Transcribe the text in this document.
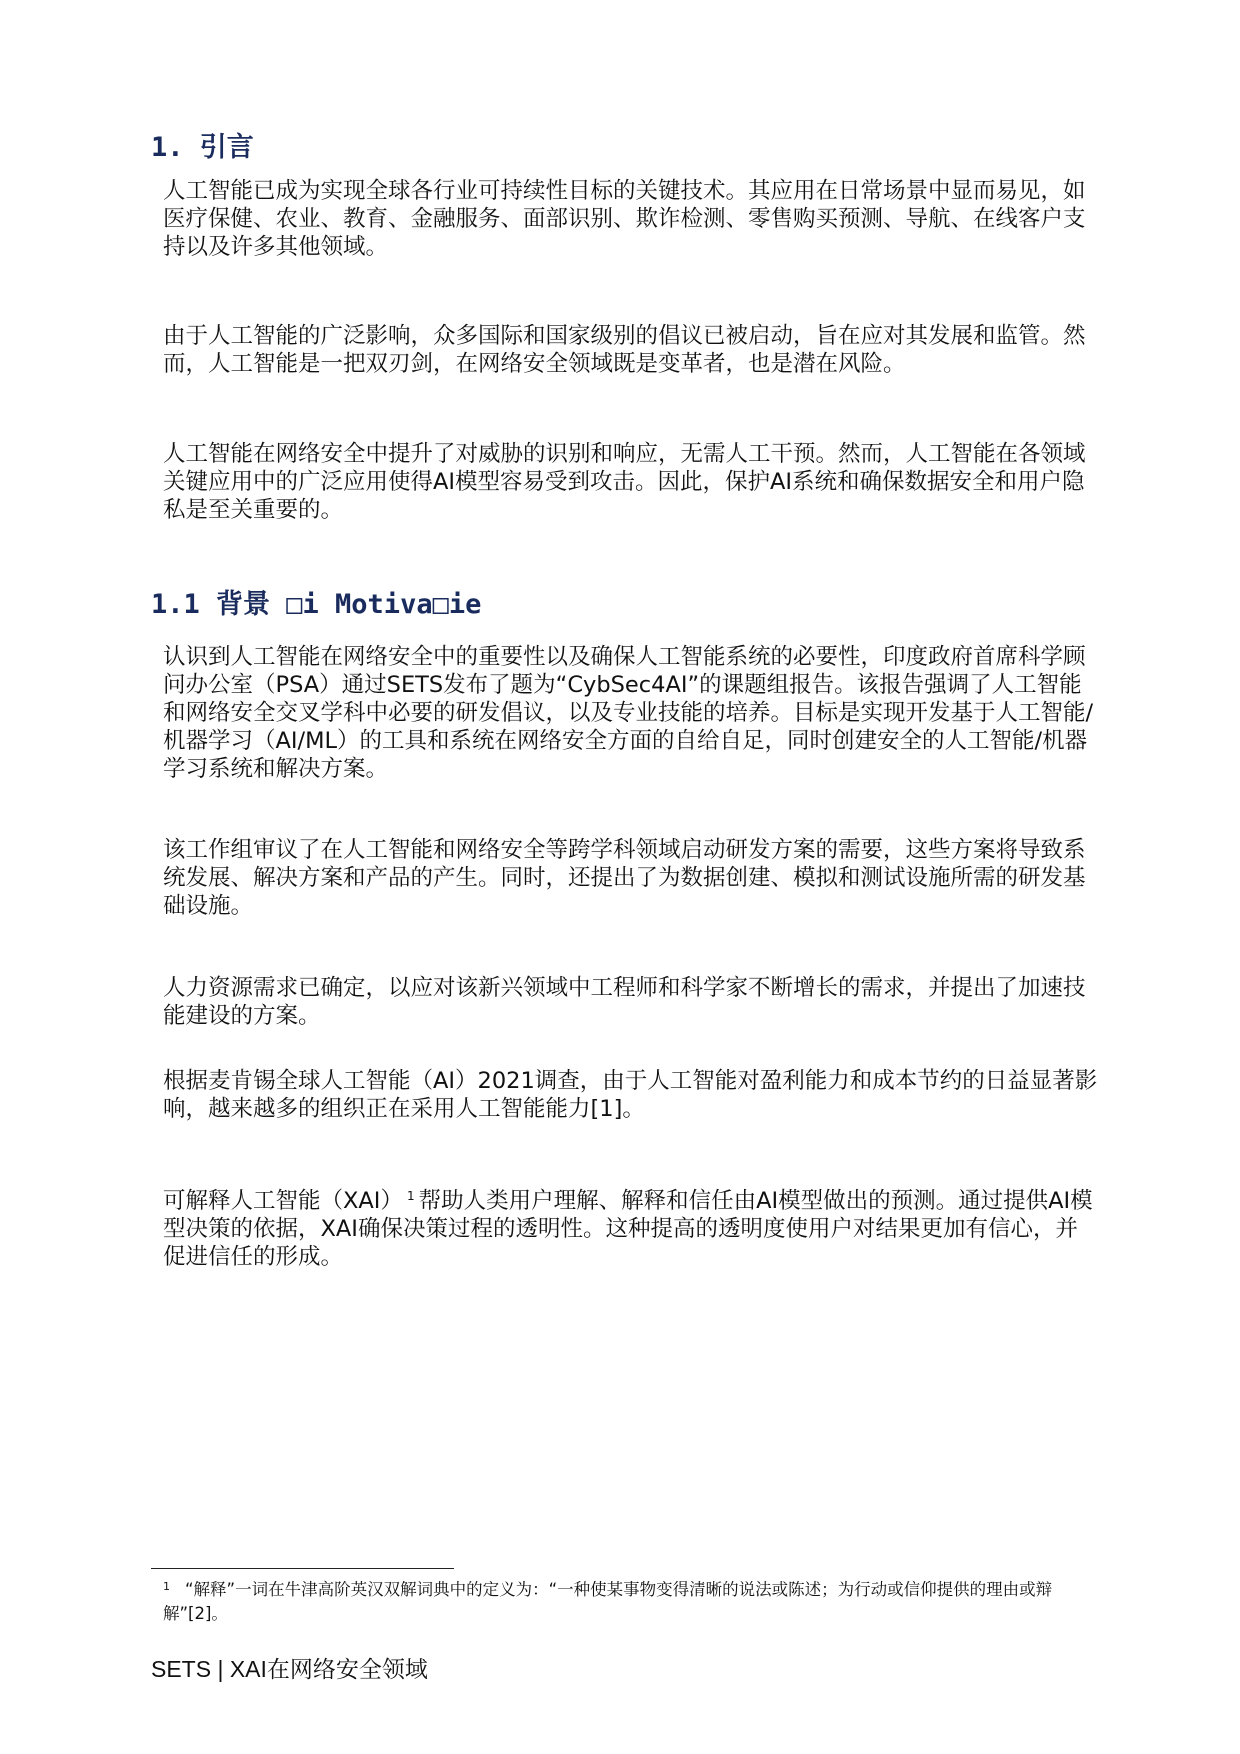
1. 引言

人工智能已成为实现全球各行业可持续性目标的关键技术。其应用在日常场景中显而易见，如医疗保健、农业、教育、金融服务、面部识别、欺诈检测、零售购买预测、导航、在线客户支持以及许多其他领域。

由于人工智能的广泛影响，众多国际和国家级别的倡议已被启动，旨在应对其发展和监管。然而，人工智能是一把双刃剑，在网络安全领域既是变革者，也是潜在风险。

人工智能在网络安全中提升了对威胁的识别和响应，无需人工干预。然而，人工智能在各领域关键应用中的广泛应用使得AI模型容易受到攻击。因此，保护AI系统和确保数据安全和用户隐私是至关重要的。

1.1 背景 □i Motiva□ie

认识到人工智能在网络安全中的重要性以及确保人工智能系统的必要性，印度政府首席科学顾问办公室（PSA）通过SETS发布了题为“CybSec4AI”的课题组报告。该报告强调了人工智能和网络安全交叉学科中必要的研发倡议，以及专业技能的培养。目标是实现开发基于人工智能/机器学习（AI/ML）的工具和系统在网络安全方面的自给自足，同时创建安全的人工智能/机器学习系统和解决方案。

该工作组审议了在人工智能和网络安全等跨学科领域启动研发方案的需要，这些方案将导致系统发展、解决方案和产品的产生。同时，还提出了为数据创建、模拟和测试设施所需的研发基础设施。

人力资源需求已确定，以应对该新兴领域中工程师和科学家不断增长的需求，并提出了加速技能建设的方案。

根据麦肯锡全球人工智能（AI）2021调查，由于人工智能对盈利能力和成本节约的日益显著影响，越来越多的组织正在采用人工智能能力[1]。

可解释人工智能（XAI） $^1$ 帮助人类用户理解、解释和信任由AI模型做出的预测。通过提供AI模型决策的依据，XAI确保决策过程的透明性。这种提高的透明度使用户对结果更加有信心，并促进信任的形成。

1 “解释”一词在牛津高阶英汉双解词典中的定义为：“一种使某事物变得清晰的说法或陈述；为行动或信仰提供的理由或辩解”[2]。

SETS | XAI在网络安全领域
